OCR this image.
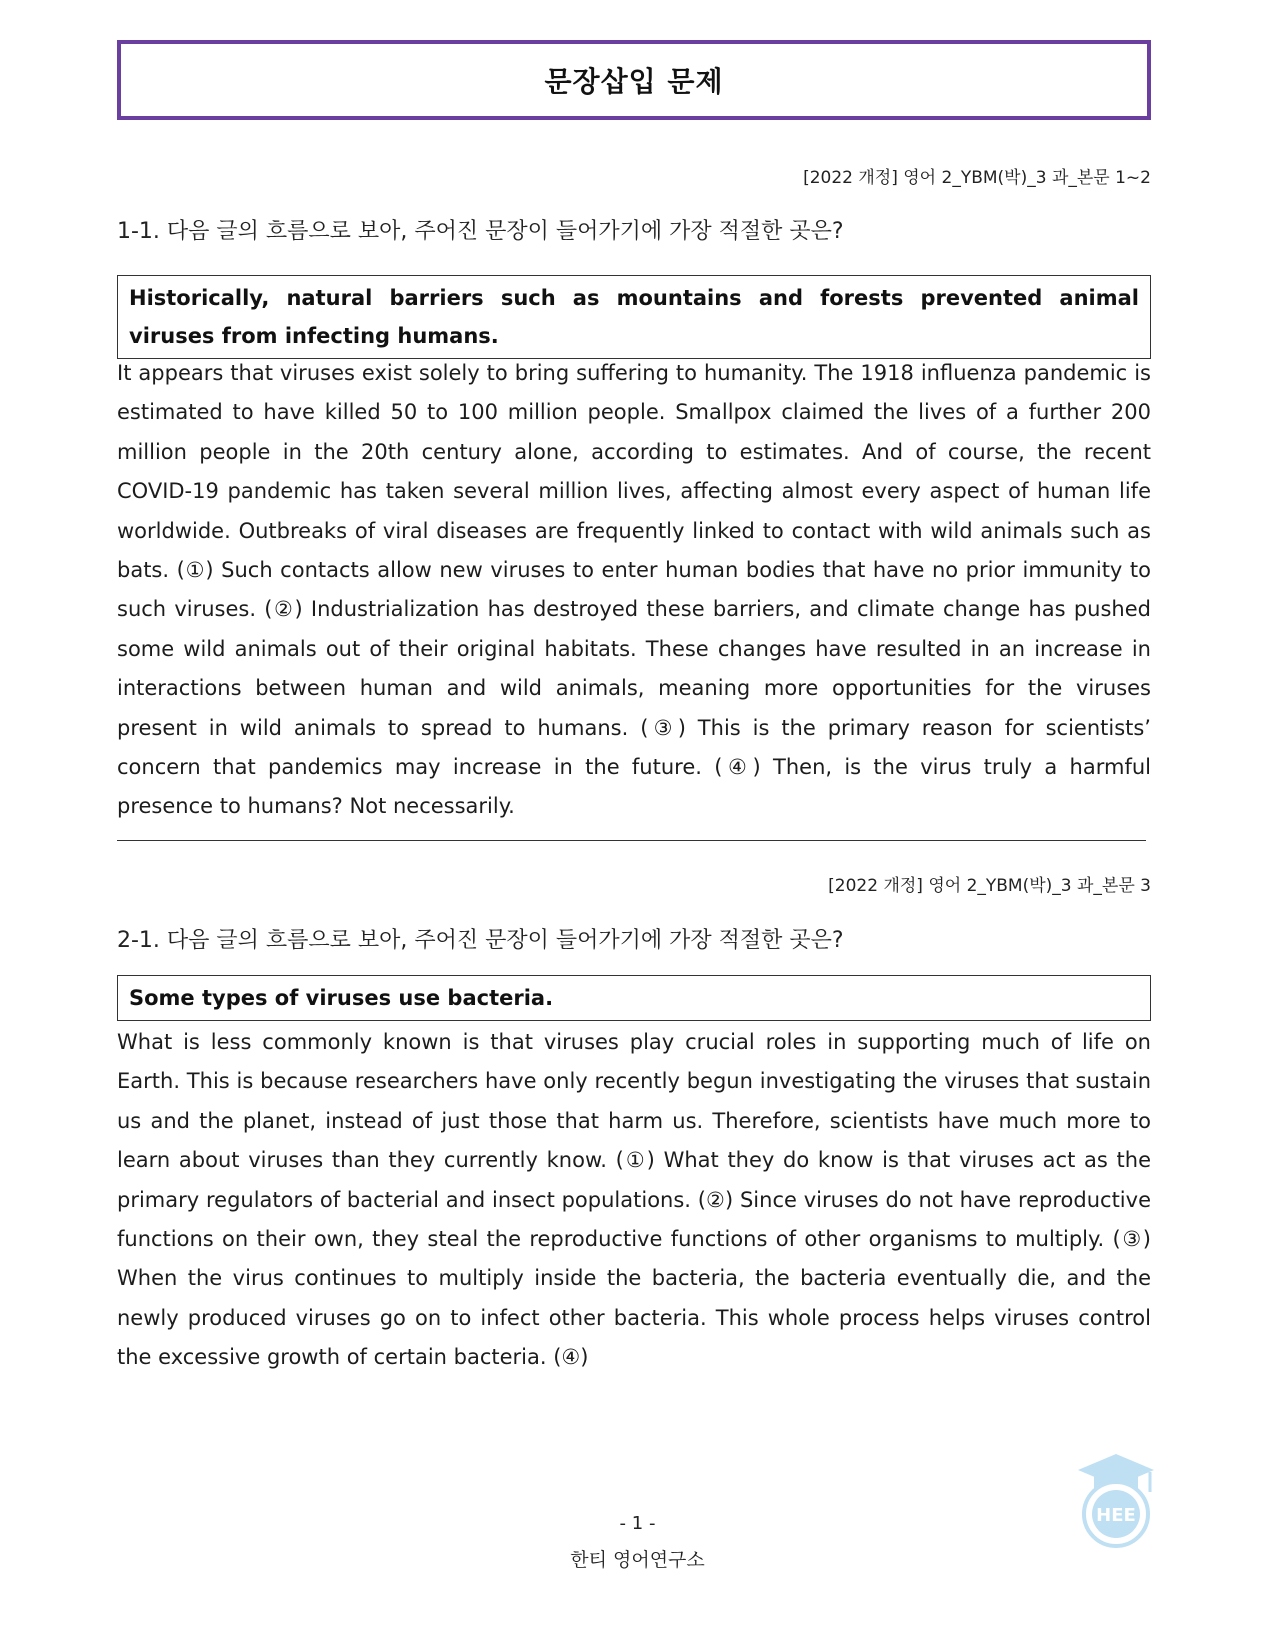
문장삽입 문제
[2022 개정] 영어 2_YBM(박)_3 과_본문 1~2
1-1. 다음 글의 흐름으로 보아, 주어진 문장이 들어가기에 가장 적절한 곳은?
Historically, natural barriers such as mountains and forests prevented animal viruses from infecting humans.
It appears that viruses exist solely to bring suffering to humanity. The 1918 influenza pandemic is estimated to have killed 50 to 100 million people. Smallpox claimed the lives of a further 200 million people in the 20th century alone, according to estimates. And of course, the recent COVID-19 pandemic has taken several million lives, affecting almost every aspect of human life worldwide. Outbreaks of viral diseases are frequently linked to contact with wild animals such as bats. (①) Such contacts allow new viruses to enter human bodies that have no prior immunity to such viruses. (②) Industrialization has destroyed these barriers, and climate change has pushed some wild animals out of their original habitats. These changes have resulted in an increase in interactions between human and wild animals, meaning more opportunities for the viruses present in wild animals to spread to humans. (③) This is the primary reason for scientists’ concern that pandemics may increase in the future. (④) Then, is the virus truly a harmful presence to humans? Not necessarily.
[2022 개정] 영어 2_YBM(박)_3 과_본문 3
2-1. 다음 글의 흐름으로 보아, 주어진 문장이 들어가기에 가장 적절한 곳은?
Some types of viruses use bacteria.
What is less commonly known is that viruses play crucial roles in supporting much of life on Earth. This is because researchers have only recently begun investigating the viruses that sustain us and the planet, instead of just those that harm us. Therefore, scientists have much more to learn about viruses than they currently know. (①) What they do know is that viruses act as the primary regulators of bacterial and insect populations. (②) Since viruses do not have reproductive functions on their own, they steal the reproductive functions of other organisms to multiply. (③) When the virus continues to multiply inside the bacteria, the bacteria eventually die, and the newly produced viruses go on to infect other bacteria. This whole process helps viruses control the excessive growth of certain bacteria. (④)
- 1 -
한티 영어연구소
HEE
